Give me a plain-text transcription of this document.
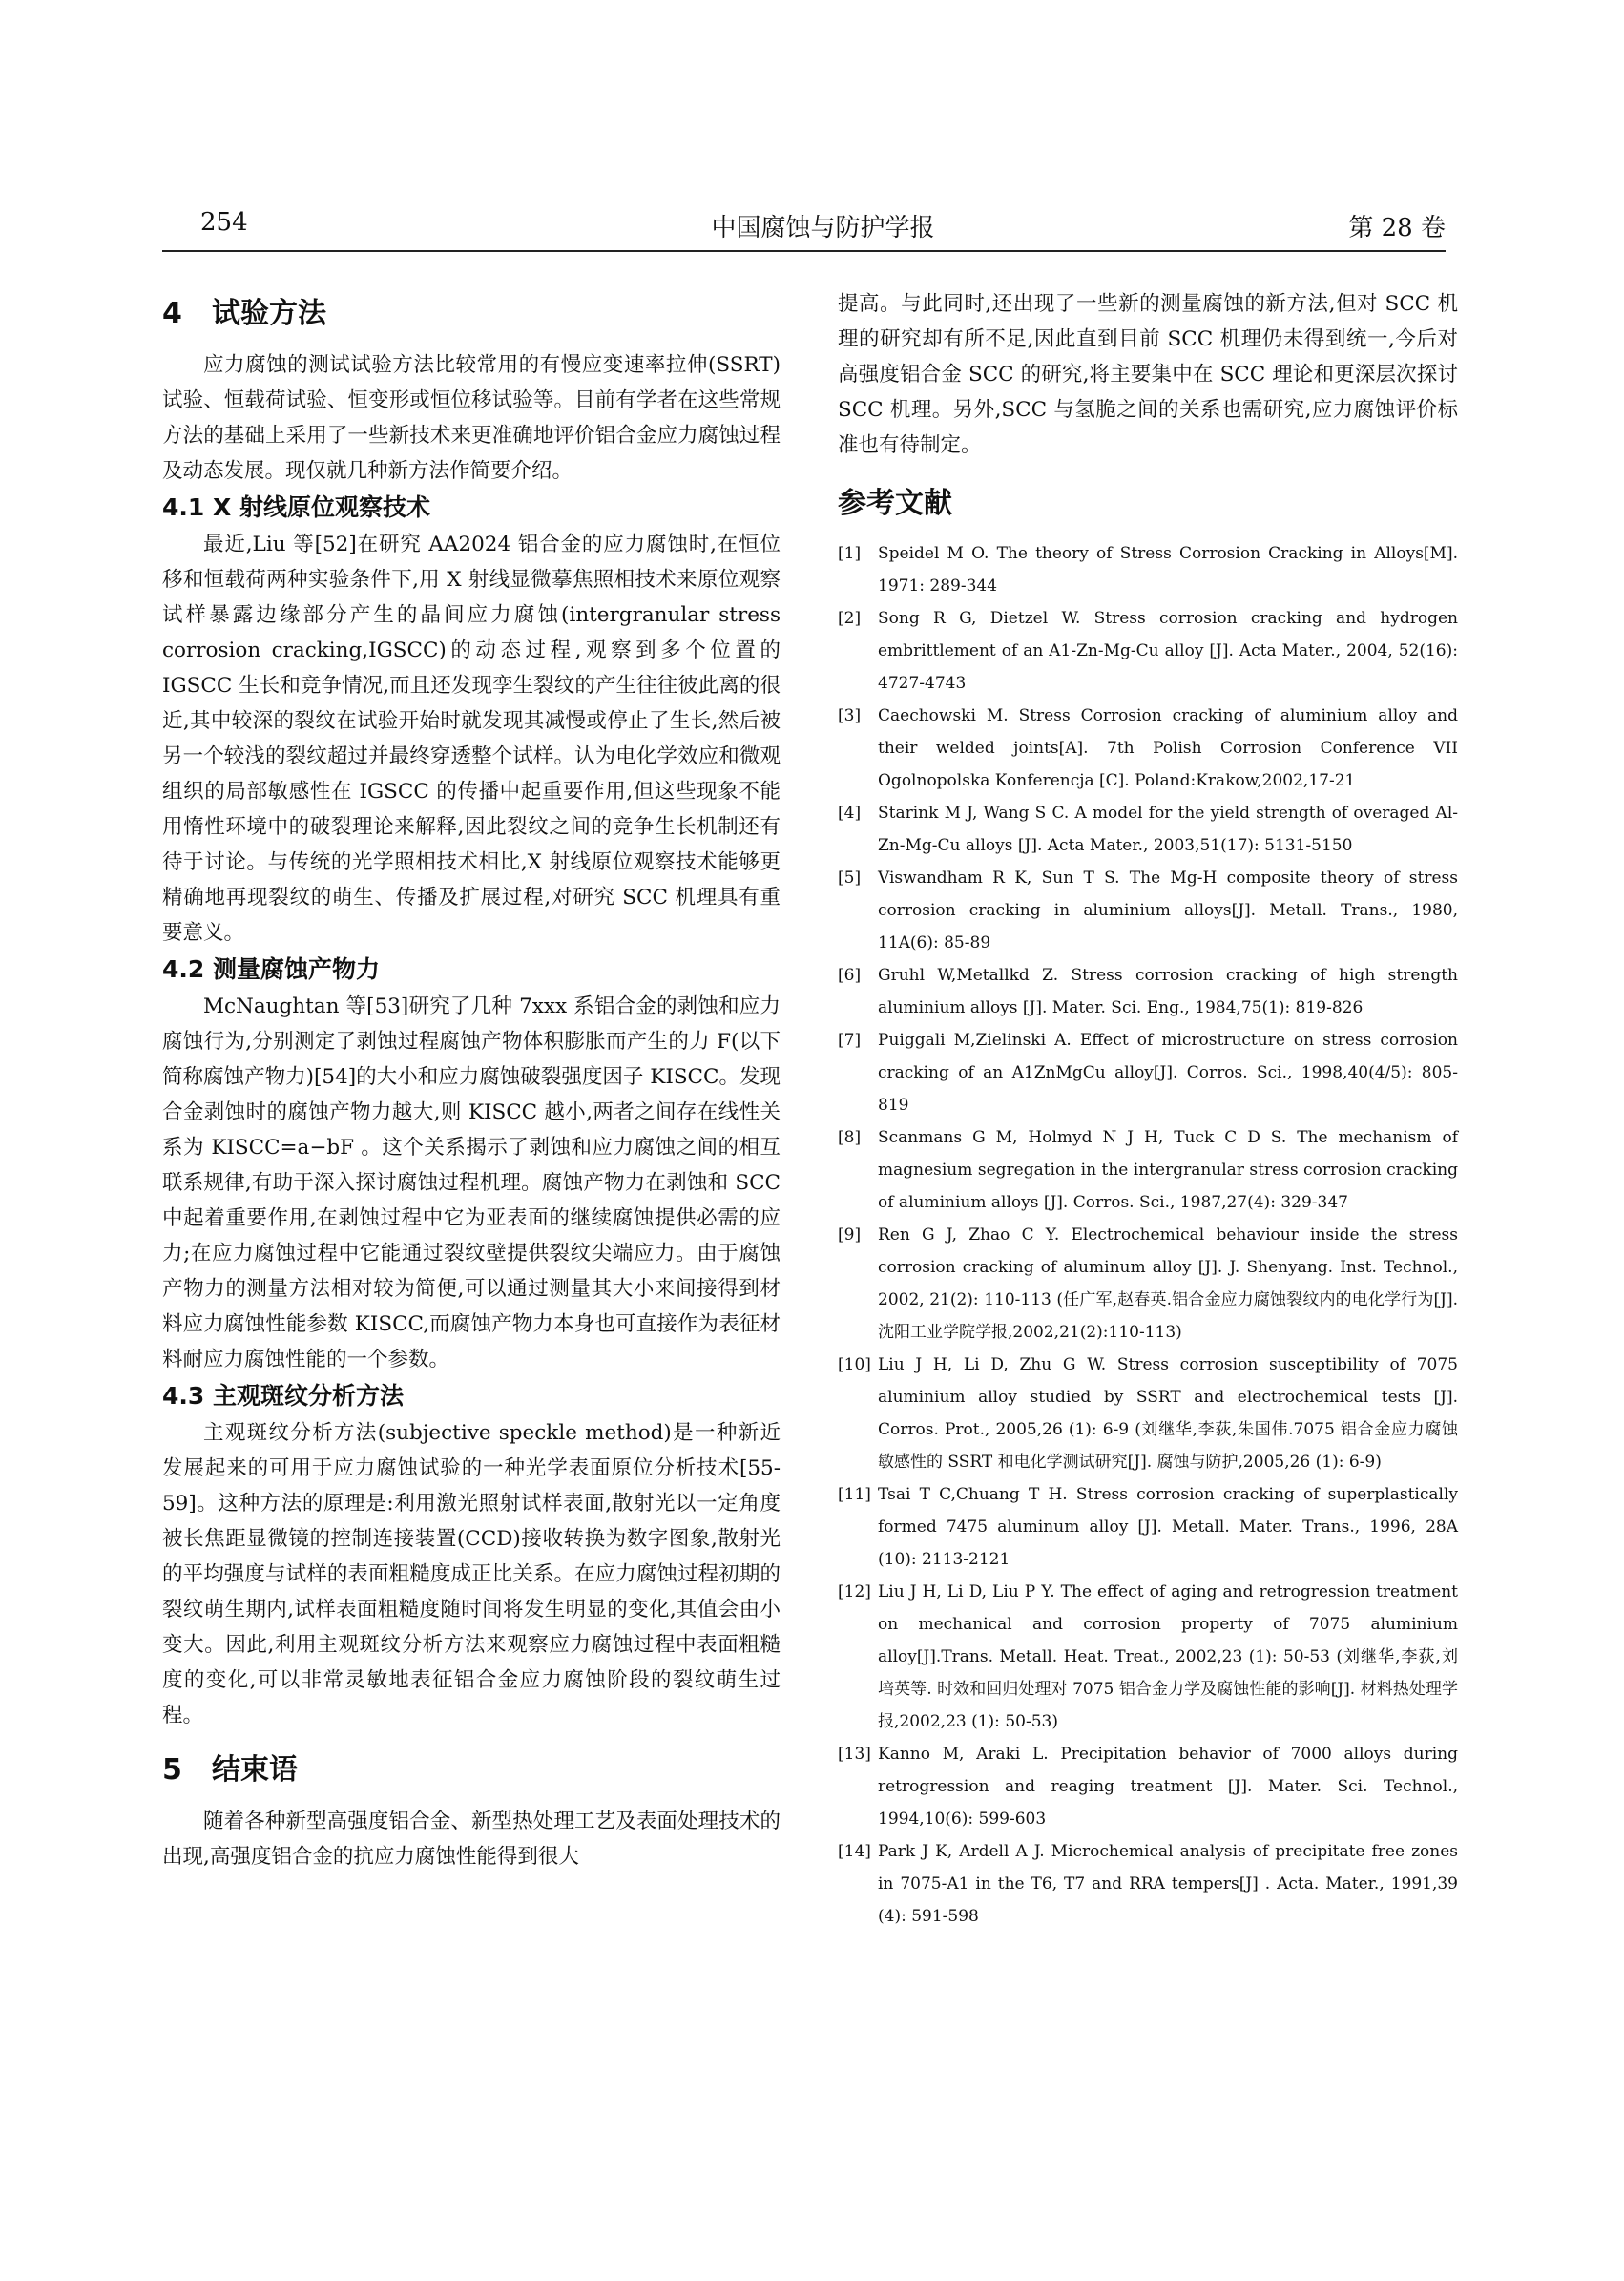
254	中国腐蚀与防护学报	第 28 卷
4 试验方法

应力腐蚀的测试试验方法比较常用的有慢应变速率拉伸(SSRT)试验、恒载荷试验、恒变形或恒位移试验等。目前有学者在这些常规方法的基础上采用了一些新技术来更准确地评价铝合金应力腐蚀过程及动态发展。现仅就几种新方法作简要介绍。

4.1 X 射线原位观察技术

最近,Liu 等[52]在研究 AA2024 铝合金的应力腐蚀时,在恒位移和恒载荷两种实验条件下,用 X 射线显微摹焦照相技术来原位观察试样暴露边缘部分产生的晶间应力腐蚀(intergranular stress corrosion cracking,IGSCC)的动态过程,观察到多个位置的 IGSCC 生长和竞争情况,而且还发现孪生裂纹的产生往往彼此离的很近,其中较深的裂纹在试验开始时就发现其减慢或停止了生长,然后被另一个较浅的裂纹超过并最终穿透整个试样。认为电化学效应和微观组织的局部敏感性在 IGSCC 的传播中起重要作用,但这些现象不能用惰性环境中的破裂理论来解释,因此裂纹之间的竞争生长机制还有待于讨论。与传统的光学照相技术相比,X 射线原位观察技术能够更精确地再现裂纹的萌生、传播及扩展过程,对研究 SCC 机理具有重要意义。

4.2 测量腐蚀产物力

McNaughtan 等[53]研究了几种 7xxx 系铝合金的剥蚀和应力腐蚀行为,分别测定了剥蚀过程腐蚀产物体积膨胀而产生的力 F(以下简称腐蚀产物力)[54]的大小和应力腐蚀破裂强度因子 KISCC。发现合金剥蚀时的腐蚀产物力越大,则 KISCC 越小,两者之间存在线性关系为 KISCC=a−bF 。这个关系揭示了剥蚀和应力腐蚀之间的相互联系规律,有助于深入探讨腐蚀过程机理。腐蚀产物力在剥蚀和 SCC 中起着重要作用,在剥蚀过程中它为亚表面的继续腐蚀提供必需的应力;在应力腐蚀过程中它能通过裂纹壁提供裂纹尖端应力。由于腐蚀产物力的测量方法相对较为简便,可以通过测量其大小来间接得到材料应力腐蚀性能参数 KISCC,而腐蚀产物力本身也可直接作为表征材料耐应力腐蚀性能的一个参数。

4.3 主观斑纹分析方法

主观斑纹分析方法(subjective speckle method)是一种新近发展起来的可用于应力腐蚀试验的一种光学表面原位分析技术[55-59]。这种方法的原理是:利用激光照射试样表面,散射光以一定角度被长焦距显微镜的控制连接装置(CCD)接收转换为数字图象,散射光的平均强度与试样的表面粗糙度成正比关系。在应力腐蚀过程初期的裂纹萌生期内,试样表面粗糙度随时间将发生明显的变化,其值会由小变大。因此,利用主观斑纹分析方法来观察应力腐蚀过程中表面粗糙度的变化,可以非常灵敏地表征铝合金应力腐蚀阶段的裂纹萌生过程。

5 结束语

随着各种新型高强度铝合金、新型热处理工艺及表面处理技术的出现,高强度铝合金的抗应力腐蚀性能得到很大

提高。与此同时,还出现了一些新的测量腐蚀的新方法,但对 SCC 机理的研究却有所不足,因此直到目前 SCC 机理仍未得到统一,今后对高强度铝合金 SCC 的研究,将主要集中在 SCC 理论和更深层次探讨 SCC 机理。另外,SCC 与氢脆之间的关系也需研究,应力腐蚀评价标准也有待制定。

参考文献
[1]	Speidel M O. The theory of Stress Corrosion Cracking in Alloys[M]. 1971: 289-344
[2]	Song R G, Dietzel W. Stress corrosion cracking and hydrogen embrittlement of an A1-Zn-Mg-Cu alloy [J]. Acta Mater., 2004, 52(16): 4727-4743
[3]	Caechowski M. Stress Corrosion cracking of aluminium alloy and their welded joints[A]. 7th Polish Corrosion Conference VII Ogolnopolska Konferencja [C]. Poland:Krakow,2002,17-21
[4]	Starink M J, Wang S C. A model for the yield strength of overaged Al-Zn-Mg-Cu alloys [J]. Acta Mater., 2003,51(17): 5131-5150
[5]	Viswandham R K, Sun T S. The Mg-H composite theory of stress corrosion cracking in aluminium alloys[J]. Metall. Trans., 1980, 11A(6): 85-89
[6]	Gruhl W,Metallkd Z. Stress corrosion cracking of high strength aluminium alloys [J]. Mater. Sci. Eng., 1984,75(1): 819-826
[7]	Puiggali M,Zielinski A. Effect of microstructure on stress corrosion cracking of an A1ZnMgCu alloy[J]. Corros. Sci., 1998,40(4/5): 805-819
[8]	Scanmans G M, Holmyd N J H, Tuck C D S. The mechanism of magnesium segregation in the intergranular stress corrosion cracking of aluminium alloys [J]. Corros. Sci., 1987,27(4): 329-347
[9]	Ren G J, Zhao C Y. Electrochemical behaviour inside the stress corrosion cracking of aluminum alloy [J]. J. Shenyang. Inst. Technol., 2002, 21(2): 110-113 (任广军,赵春英.铝合金应力腐蚀裂纹内的电化学行为[J]. 沈阳工业学院学报,2002,21(2):110-113)
[10] Liu J H, Li D, Zhu G W. Stress corrosion susceptibility of 7075 aluminium alloy studied by SSRT and electrochemical tests [J]. Corros. Prot., 2005,26 (1): 6-9 (刘继华,李荻,朱国伟.7075 铝合金应力腐蚀敏感性的 SSRT 和电化学测试研究[J]. 腐蚀与防护,2005,26 (1): 6-9)
[11] Tsai T C,Chuang T H. Stress corrosion cracking of superplastically formed 7475 aluminum alloy [J]. Metall. Mater. Trans., 1996, 28A (10): 2113-2121
[12] Liu J H, Li D, Liu P Y. The effect of aging and retrogression treatment on mechanical and corrosion property of 7075 aluminium alloy[J].Trans. Metall. Heat. Treat., 2002,23 (1): 50-53 (刘继华,李荻,刘培英等. 时效和回归处理对 7075 铝合金力学及腐蚀性能的影响[J]. 材料热处理学报,2002,23 (1): 50-53)
[13] Kanno M, Araki L. Precipitation behavior of 7000 alloys during retrogression and reaging treatment [J]. Mater. Sci. Technol., 1994,10(6): 599-603
[14] Park J K, Ardell A J. Microchemical analysis of precipitate free zones in 7075-A1 in the T6, T7 and RRA tempers[J] . Acta. Mater., 1991,39 (4): 591-598
